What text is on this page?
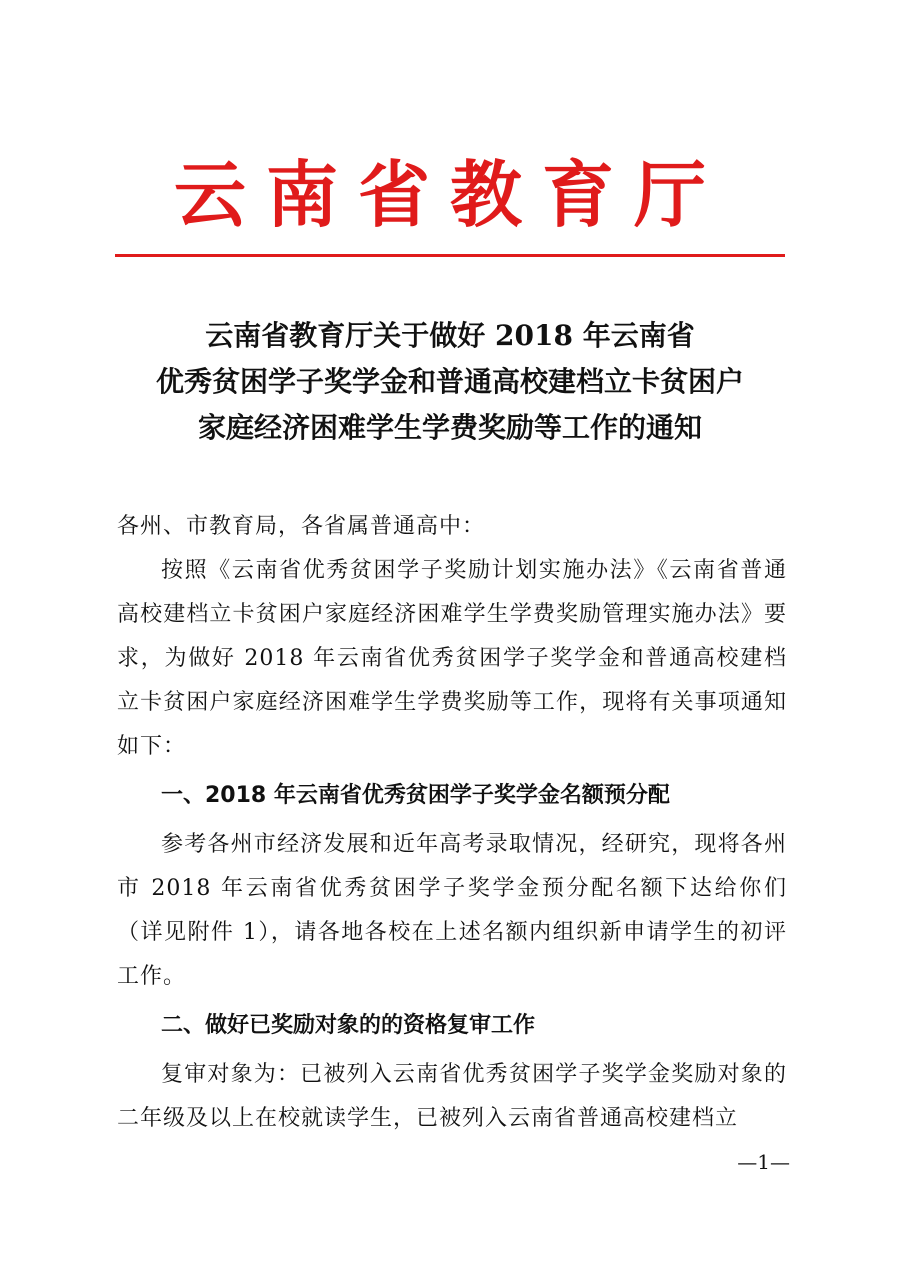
云南省教育厅
云南省教育厅关于做好 2018 年云南省
优秀贫困学子奖学金和普通高校建档立卡贫困户
家庭经济困难学生学费奖励等工作的通知

各州、市教育局，各省属普通高中：

按照《云南省优秀贫困学子奖励计划实施办法》《云南省普通高校建档立卡贫困户家庭经济困难学生学费奖励管理实施办法》要求，为做好 2018 年云南省优秀贫困学子奖学金和普通高校建档立卡贫困户家庭经济困难学生学费奖励等工作，现将有关事项通知如下：

一、2018 年云南省优秀贫困学子奖学金名额预分配

参考各州市经济发展和近年高考录取情况，经研究，现将各州市 2018 年云南省优秀贫困学子奖学金预分配名额下达给你们（详见附件 1），请各地各校在上述名额内组织新申请学生的初评工作。

二、做好已奖励对象的的资格复审工作

复审对象为：已被列入云南省优秀贫困学子奖学金奖励对象的二年级及以上在校就读学生，已被列入云南省普通高校建档立

—1—
